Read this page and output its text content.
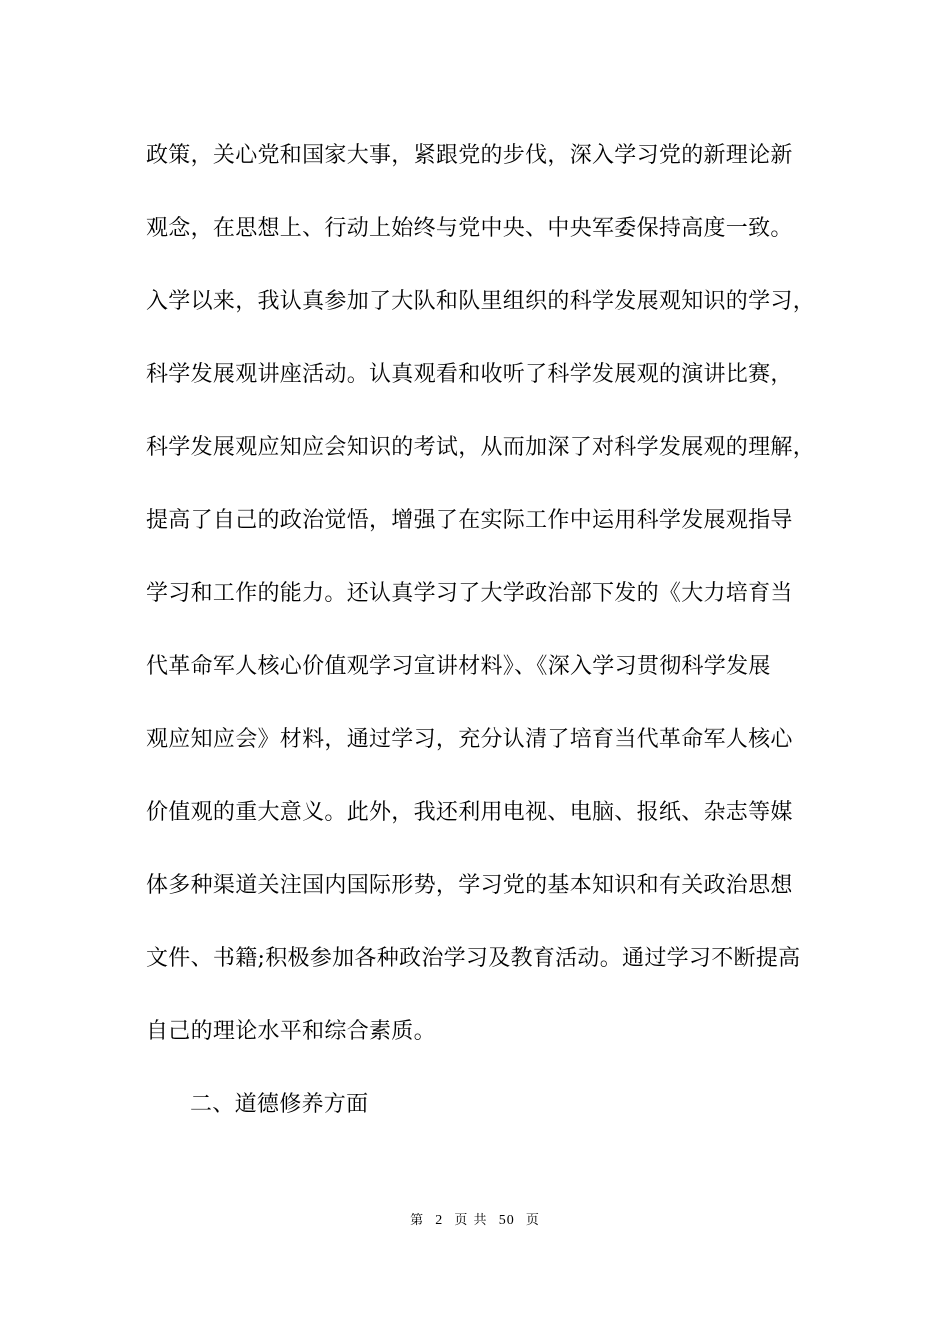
政策，关心党和国家大事，紧跟党的步伐，深入学习党的新理论新
观念，在思想上、行动上始终与党中央、中央军委保持高度一致。
入学以来，我认真参加了大队和队里组织的科学发展观知识的学习，
科学发展观讲座活动。认真观看和收听了科学发展观的演讲比赛，
科学发展观应知应会知识的考试，从而加深了对科学发展观的理解，
提高了自己的政治觉悟，增强了在实际工作中运用科学发展观指导
学习和工作的能力。还认真学习了大学政治部下发的《大力培育当
代革命军人核心价值观学习宣讲材料》、《深入学习贯彻科学发展
观应知应会》材料，通过学习，充分认清了培育当代革命军人核心
价值观的重大意义。此外，我还利用电视、电脑、报纸、杂志等媒
体多种渠道关注国内国际形势，学习党的基本知识和有关政治思想
文件、书籍;积极参加各种政治学习及教育活动。通过学习不断提高
自己的理论水平和综合素质。
二、道德修养方面
第 2 页 共 50 页
